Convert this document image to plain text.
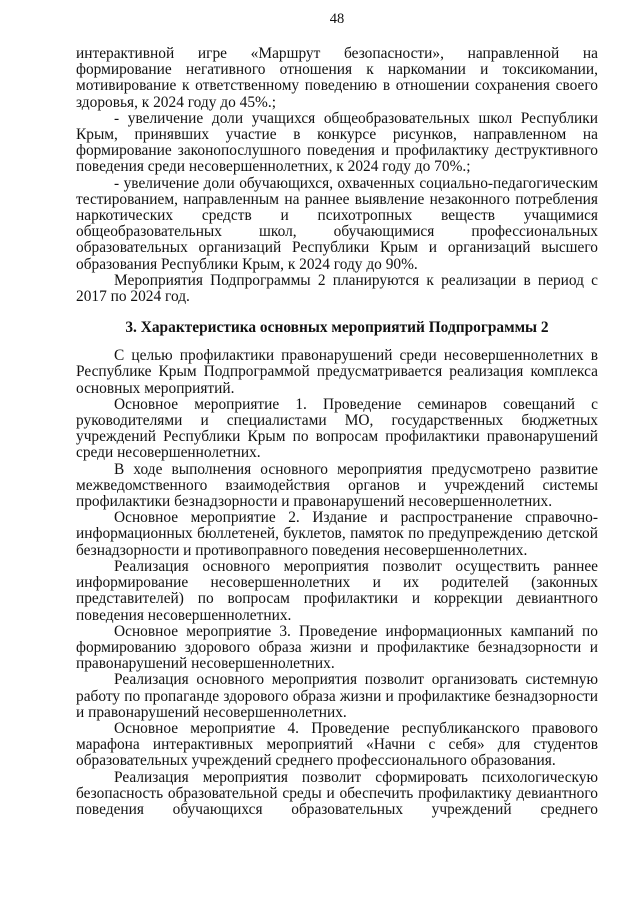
48

интерактивной игре «Маршрут безопасности», направленной на формирование негативного отношения к наркомании и токсикомании, мотивирование к ответственному поведению в отношении сохранения своего здоровья, к 2024 году до 45%.;

- увеличение доли учащихся общеобразовательных школ Республики Крым, принявших участие в конкурсе рисунков, направленном на формирование законопослушного поведения и профилактику деструктивного поведения среди несовершеннолетних, к 2024 году до 70%.;

- увеличение доли обучающихся, охваченных социально-педагогическим тестированием, направленным на раннее выявление незаконного потребления наркотических средств и психотропных веществ учащимися общеобразовательных школ, обучающимися профессиональных образовательных организаций Республики Крым и организаций высшего образования Республики Крым, к 2024 году до 90%.

Мероприятия Подпрограммы 2 планируются к реализации в период с 2017 по 2024 год.

3. Характеристика основных мероприятий Подпрограммы 2

С целью профилактики правонарушений среди несовершеннолетних в Республике Крым Подпрограммой предусматривается реализация комплекса основных мероприятий.

Основное мероприятие 1. Проведение семинаров совещаний с руководителями и специалистами МО, государственных бюджетных учреждений Республики Крым по вопросам профилактики правонарушений среди несовершеннолетних.

В ходе выполнения основного мероприятия предусмотрено развитие межведомственного взаимодействия органов и учреждений системы профилактики безнадзорности и правонарушений несовершеннолетних.

Основное мероприятие 2. Издание и распространение справочно-информационных бюллетеней, буклетов, памяток по предупреждению детской безнадзорности и противоправного поведения несовершеннолетних.

Реализация основного мероприятия позволит осуществить раннее информирование несовершеннолетних и их родителей (законных представителей) по вопросам профилактики и коррекции девиантного поведения несовершеннолетних.

Основное мероприятие 3. Проведение информационных кампаний по формированию здорового образа жизни и профилактике безнадзорности и правонарушений несовершеннолетних.

Реализация основного мероприятия позволит организовать системную работу по пропаганде здорового образа жизни и профилактике безнадзорности и правонарушений несовершеннолетних.

Основное мероприятие 4. Проведение республиканского правового марафона интерактивных мероприятий «Начни с себя» для студентов образовательных учреждений среднего профессионального образования.

Реализация мероприятия позволит сформировать психологическую безопасность образовательной среды и обеспечить профилактику девиантного поведения обучающихся образовательных учреждений среднего
